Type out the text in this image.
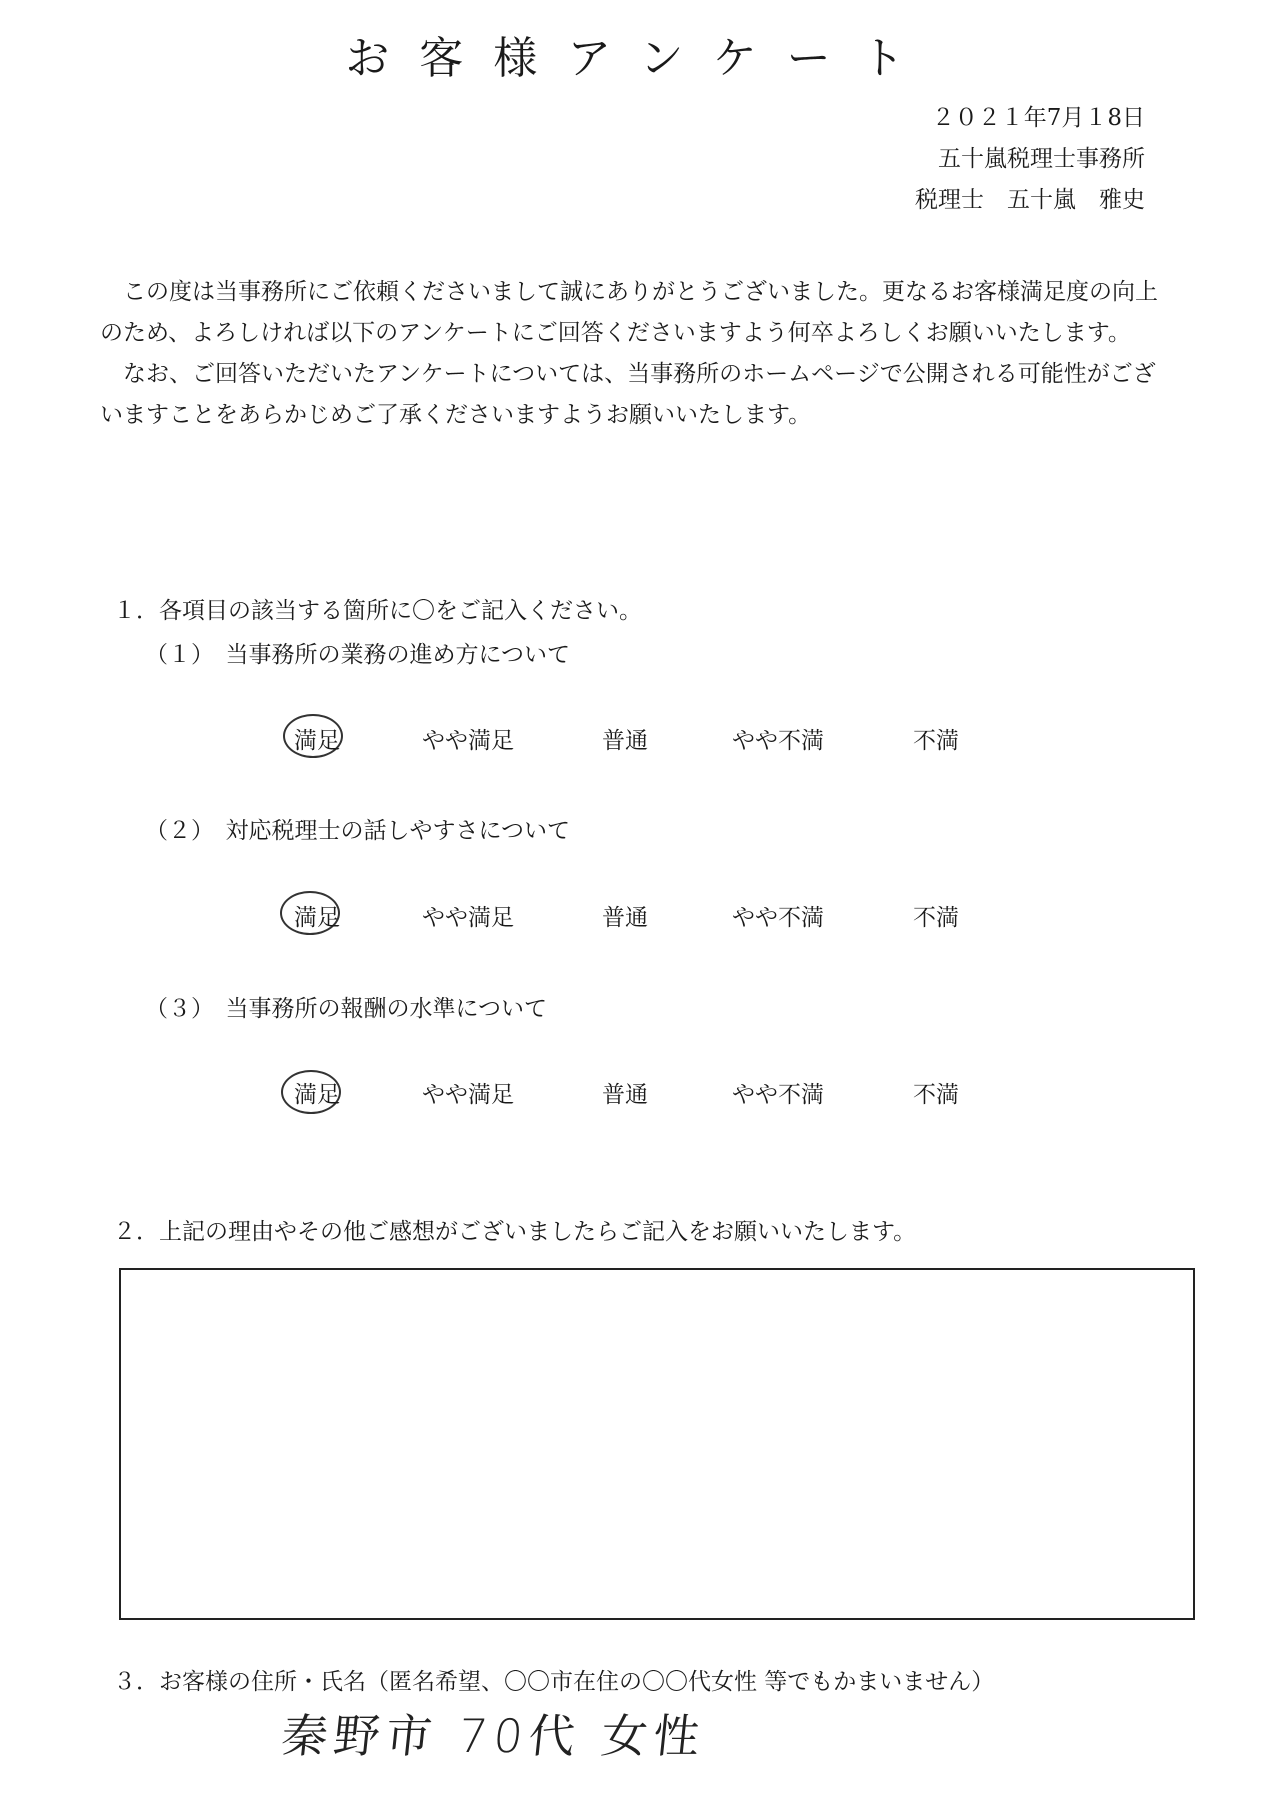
お客様アンケート
２０２１年7月１8日
五十嵐税理士事務所
税理士　五十嵐　雅史

この度は当事務所にご依頼くださいまして誠にありがとうございました。更なるお客様満足度の向上のため、よろしければ以下のアンケートにご回答くださいますよう何卒よろしくお願いいたします。

なお、ご回答いただいたアンケートについては、当事務所のホームページで公開される可能性がございますことをあらかじめご了承くださいますようお願いいたします。

１．各項目の該当する箇所に〇をご記入ください。
（１）　当事務所の業務の進め方について
満足	やや満足	普通	やや不満	不満
（２）　対応税理士の話しやすさについて
満足	やや満足	普通	やや不満	不満
（３）　当事務所の報酬の水準について
満足	やや満足	普通	やや不満	不満
２．上記の理由やその他ご感想がございましたらご記入をお願いいたします。
３．お客様の住所・氏名（匿名希望、〇〇市在住の〇〇代女性 等でもかまいません）
秦野市 70代 女性
